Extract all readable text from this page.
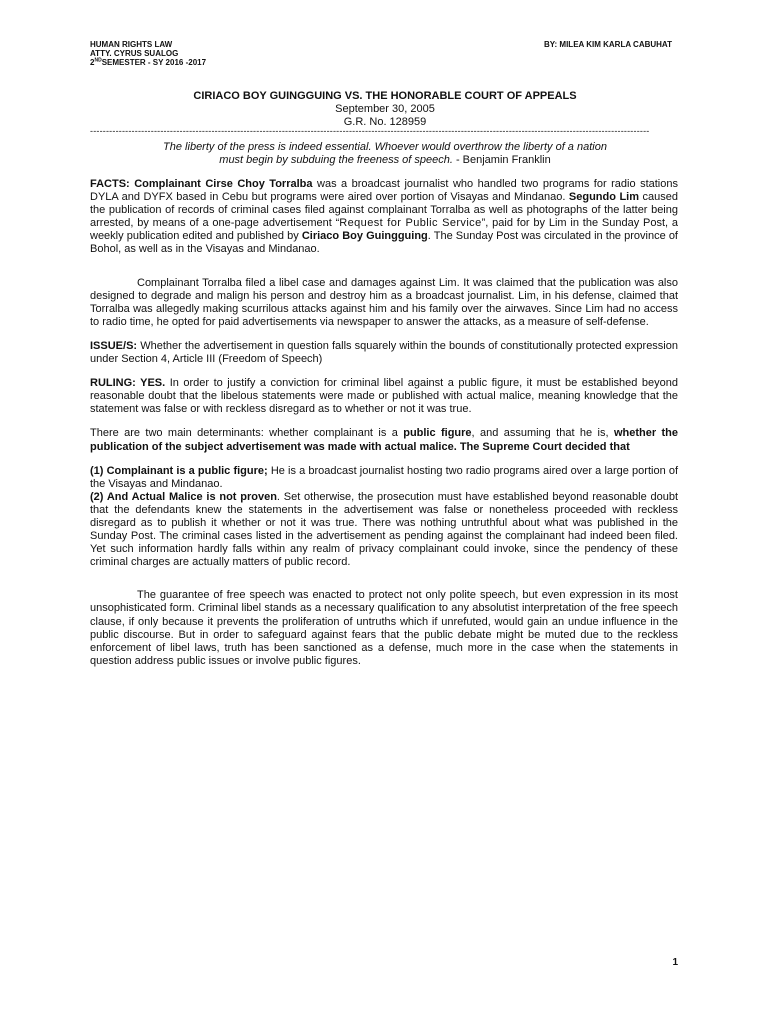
HUMAN RIGHTS LAW
ATTY. CYRUS SUALOG
2NDSEMESTER - SY 2016 -2017
BY: MILEA KIM KARLA CABUHAT
CIRIACO BOY GUINGGUING VS. THE HONORABLE COURT OF APPEALS
September 30, 2005
G.R. No. 128959
-------------------------------------------------------------------------------------------------------------------------------------------------------------------------------
The liberty of the press is indeed essential. Whoever would overthrow the liberty of a nation
must begin by subduing the freeness of speech. - Benjamin Franklin

FACTS: Complainant Cirse Choy Torralba was a broadcast journalist who handled two programs for radio stations DYLA and DYFX based in Cebu but programs were aired over portion of Visayas and Mindanao. Segundo Lim caused the publication of records of criminal cases filed against complainant Torralba as well as photographs of the latter being arrested, by means of a one-page advertisement “Request for Public Service”, paid for by Lim in the Sunday Post, a weekly publication edited and published by Ciriaco Boy Guingguing. The Sunday Post was circulated in the province of Bohol, as well as in the Visayas and Mindanao.

Complainant Torralba filed a libel case and damages against Lim. It was claimed that the publication was also designed to degrade and malign his person and destroy him as a broadcast journalist. Lim, in his defense, claimed that Torralba was allegedly making scurrilous attacks against him and his family over the airwaves. Since Lim had no access to radio time, he opted for paid advertisements via newspaper to answer the attacks, as a measure of self-defense.

ISSUE/S: Whether the advertisement in question falls squarely within the bounds of constitutionally protected expression under Section 4, Article III (Freedom of Speech)

RULING: YES. In order to justify a conviction for criminal libel against a public figure, it must be established beyond reasonable doubt that the libelous statements were made or published with actual malice, meaning knowledge that the statement was false or with reckless disregard as to whether or not it was true.

There are two main determinants: whether complainant is a public figure, and assuming that he is, whether the publication of the subject advertisement was made with actual malice. The Supreme Court decided that

(1) Complainant is a public figure; He is a broadcast journalist hosting two radio programs aired over a large portion of the Visayas and Mindanao.
(2) And Actual Malice is not proven. Set otherwise, the prosecution must have established beyond reasonable doubt that the defendants knew the statements in the advertisement was false or nonetheless proceeded with reckless disregard as to publish it whether or not it was true. There was nothing untruthful about what was published in the Sunday Post. The criminal cases listed in the advertisement as pending against the complainant had indeed been filed. Yet such information hardly falls within any realm of privacy complainant could invoke, since the pendency of these criminal charges are actually matters of public record.

The guarantee of free speech was enacted to protect not only polite speech, but even expression in its most unsophisticated form. Criminal libel stands as a necessary qualification to any absolutist interpretation of the free speech clause, if only because it prevents the proliferation of untruths which if unrefuted, would gain an undue influence in the public discourse. But in order to safeguard against fears that the public debate might be muted due to the reckless enforcement of libel laws, truth has been sanctioned as a defense, much more in the case when the statements in question address public issues or involve public figures.

1
